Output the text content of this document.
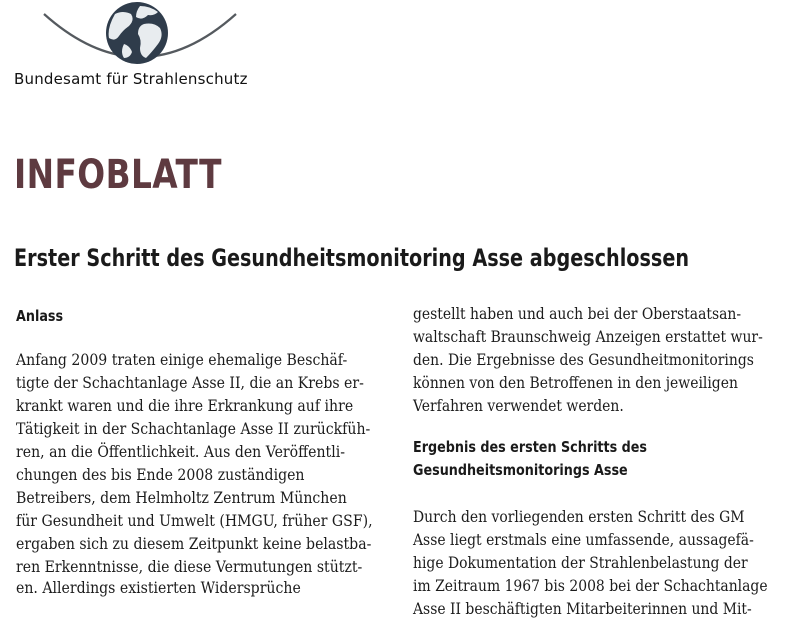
Bundesamt für Strahlenschutz
INFOBLATT
Erster Schritt des Gesundheitsmonitoring Asse abgeschlossen
Anlass
Anfang 2009 traten einige ehemalige Beschäf-
tigte der Schachtanlage Asse II, die an Krebs er-
krankt waren und die ihre Erkrankung auf ihre
Tätigkeit in der Schachtanlage Asse II zurückfüh-
ren, an die Öffentlichkeit. Aus den Veröffentli-
chungen des bis Ende 2008 zuständigen
Betreibers, dem Helmholtz Zentrum München
für Gesundheit und Umwelt (HMGU, früher GSF),
ergaben sich zu diesem Zeitpunkt keine belastba-
ren Erkenntnisse, die diese Vermutungen stützt-
en. Allerdings existierten Widersprüche
gestellt haben und auch bei der Oberstaatsan-
waltschaft Braunschweig Anzeigen erstattet wur-
den. Die Ergebnisse des Gesundheitmonitorings
können von den Betroffenen in den jeweiligen
Verfahren verwendet werden.
Ergebnis des ersten Schritts des
Gesundheitsmonitorings Asse
Durch den vorliegenden ersten Schritt des GM
Asse liegt erstmals eine umfassende, aussagefä-
hige Dokumentation der Strahlenbelastung der
im Zeitraum 1967 bis 2008 bei der Schachtanlage
Asse II beschäftigten Mitarbeiterinnen und Mit-
